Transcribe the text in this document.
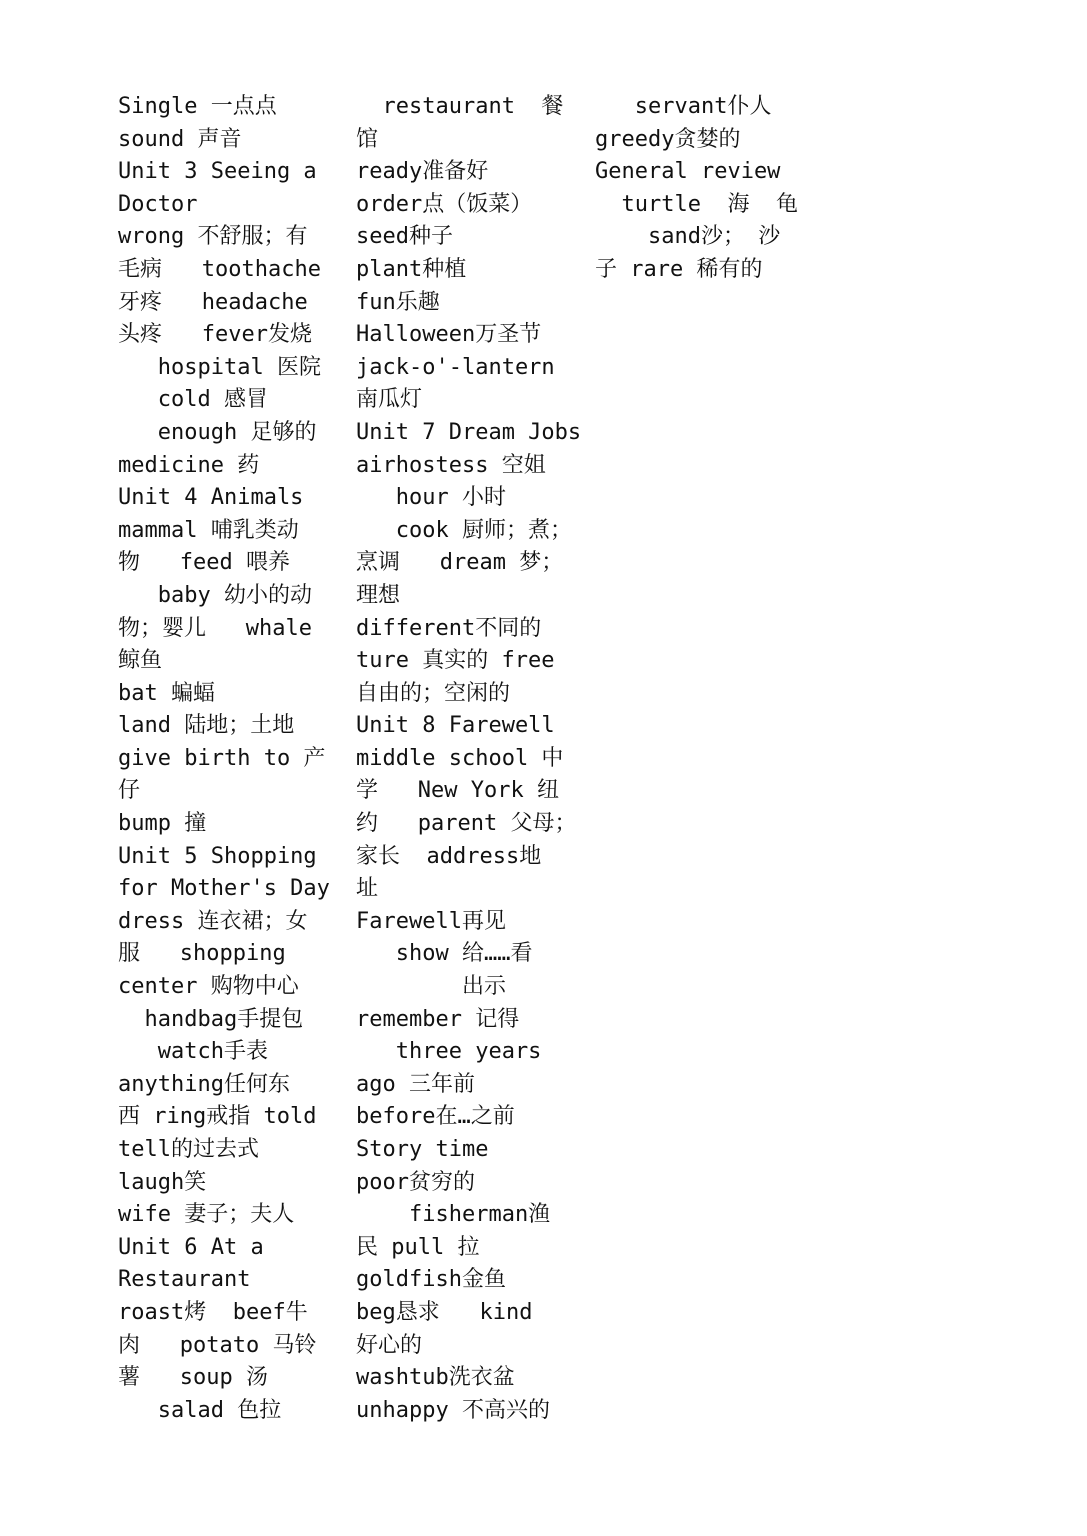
Single 一点点
sound 声音
Unit 3 Seeing a
Doctor
wrong 不舒服；有
毛病   toothache
牙疼   headache
头疼   fever发烧
hospital 医院
cold 感冒
enough 足够的
medicine 药
Unit 4 Animals
mammal 哺乳类动
物   feed 喂养
baby 幼小的动
物；婴儿   whale
鲸鱼
bat 蝙蝠
land 陆地；土地
give birth to 产
仔
bump 撞
Unit 5 Shopping
for Mother's Day
dress 连衣裙；女
服   shopping
center 购物中心
handbag手提包
watch手表
anything任何东
西 ring戒指 told
tell的过去式
laugh笑
wife 妻子；夫人
Unit 6 At a
Restaurant
roast烤  beef牛
肉   potato 马铃
薯   soup 汤
salad 色拉
restaurant  餐
馆
ready准备好
order点（饭菜）
seed种子
plant种植
fun乐趣
Halloween万圣节
jack-o'-lantern
南瓜灯
Unit 7 Dream Jobs
airhostess 空姐
hour 小时
cook 厨师；煮；
烹调   dream 梦；
理想
different不同的
ture 真实的 free
自由的；空闲的
Unit 8 Farewell
middle school 中
学   New York 纽
约   parent 父母；
家长  address地
址
Farewell再见
show 给……看
出示
remember 记得
three years
ago 三年前
before在…之前
Story time
poor贫穷的
fisherman渔
民 pull 拉
goldfish金鱼
beg恳求   kind
好心的
washtub洗衣盆
unhappy 不高兴的
servant仆人
greedy贪婪的
General review
turtle  海  龟
sand沙； 沙
子 rare 稀有的
